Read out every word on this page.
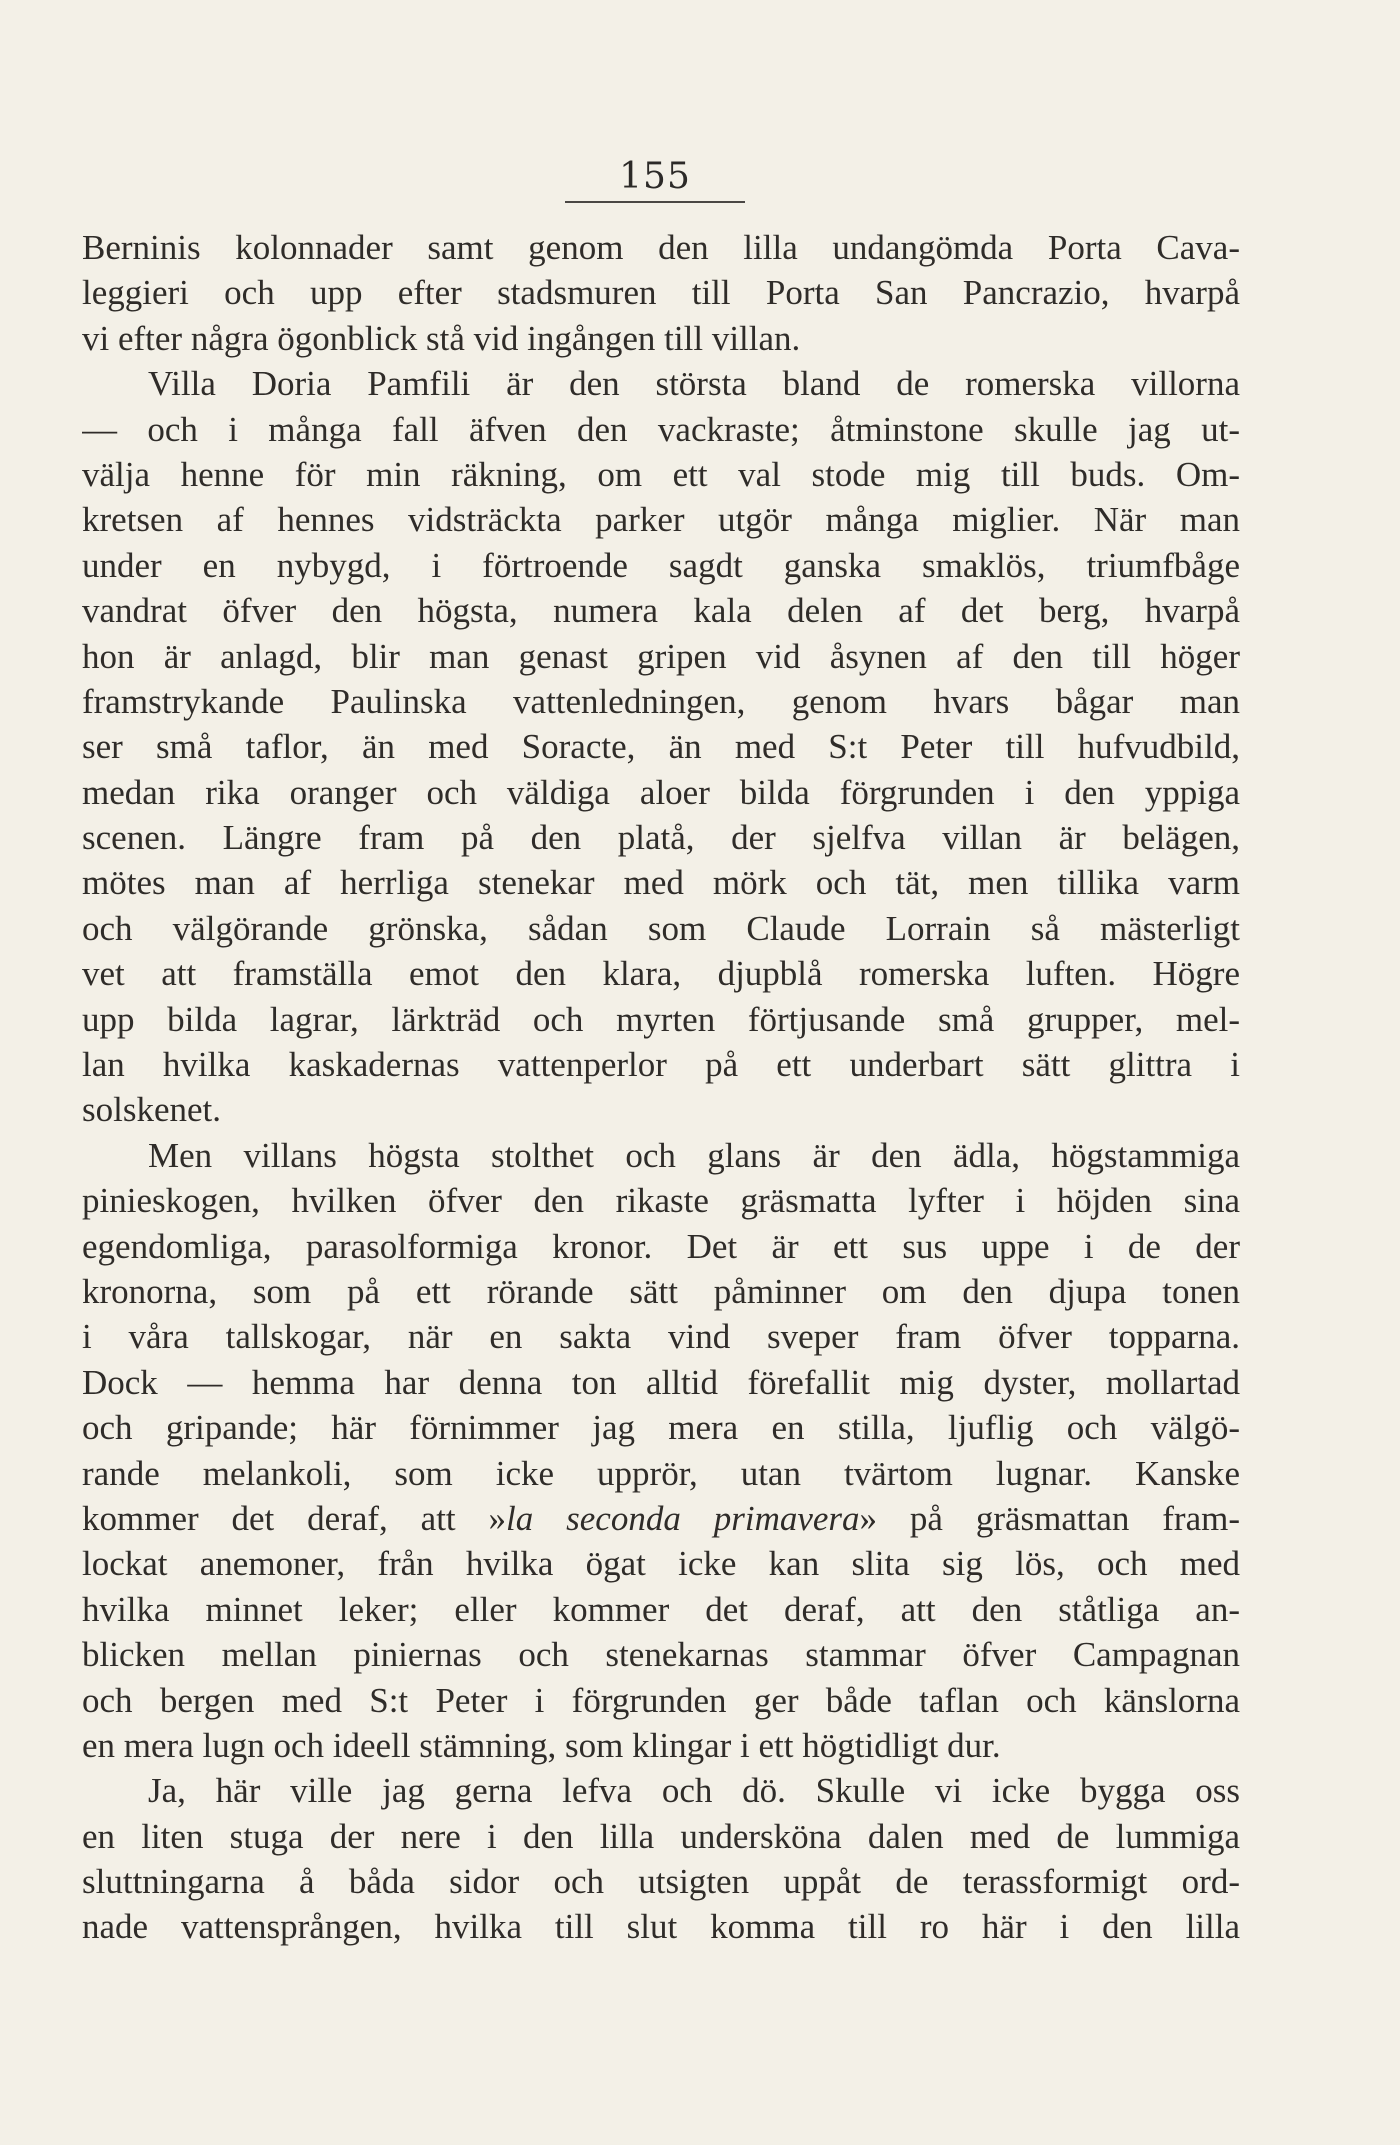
155
Berninis kolonnader samt genom den lilla undangömda Porta Cava-
leggieri och upp efter stadsmuren till Porta San Pancrazio, hvarpå
vi efter några ögonblick stå vid ingången till villan.
Villa Doria Pamfili är den största bland de romerska villorna
— och i många fall äfven den vackraste; åtminstone skulle jag ut-
välja henne för min räkning, om ett val stode mig till buds. Om-
kretsen af hennes vidsträckta parker utgör många miglier. När man
under en nybygd, i förtroende sagdt ganska smaklös, triumfbåge
vandrat öfver den högsta, numera kala delen af det berg, hvarpå
hon är anlagd, blir man genast gripen vid åsynen af den till höger
framstrykande Paulinska vattenledningen, genom hvars bågar man
ser små taflor, än med Soracte, än med S:t Peter till hufvudbild,
medan rika oranger och väldiga aloer bilda förgrunden i den yppiga
scenen. Längre fram på den platå, der sjelfva villan är belägen,
mötes man af herrliga stenekar med mörk och tät, men tillika varm
och välgörande grönska, sådan som Claude Lorrain så mästerligt
vet att framställa emot den klara, djupblå romerska luften. Högre
upp bilda lagrar, lärkträd och myrten förtjusande små grupper, mel-
lan hvilka kaskadernas vattenperlor på ett underbart sätt glittra i
solskenet.
Men villans högsta stolthet och glans är den ädla, högstammiga
pinieskogen, hvilken öfver den rikaste gräsmatta lyfter i höjden sina
egendomliga, parasolformiga kronor. Det är ett sus uppe i de der
kronorna, som på ett rörande sätt påminner om den djupa tonen
i våra tallskogar, när en sakta vind sveper fram öfver topparna.
Dock — hemma har denna ton alltid förefallit mig dyster, mollartad
och gripande; här förnimmer jag mera en stilla, ljuflig och välgö-
rande melankoli, som icke upprör, utan tvärtom lugnar. Kanske
kommer det deraf, att »la seconda primavera» på gräsmattan fram-
lockat anemoner, från hvilka ögat icke kan slita sig lös, och med
hvilka minnet leker; eller kommer det deraf, att den ståtliga an-
blicken mellan piniernas och stenekarnas stammar öfver Campagnan
och bergen med S:t Peter i förgrunden ger både taflan och känslorna
en mera lugn och ideell stämning, som klingar i ett högtidligt dur.
Ja, här ville jag gerna lefva och dö. Skulle vi icke bygga oss
en liten stuga der nere i den lilla undersköna dalen med de lummiga
sluttningarna å båda sidor och utsigten uppåt de terassformigt ord-
nade vattensprången, hvilka till slut komma till ro här i den lilla
